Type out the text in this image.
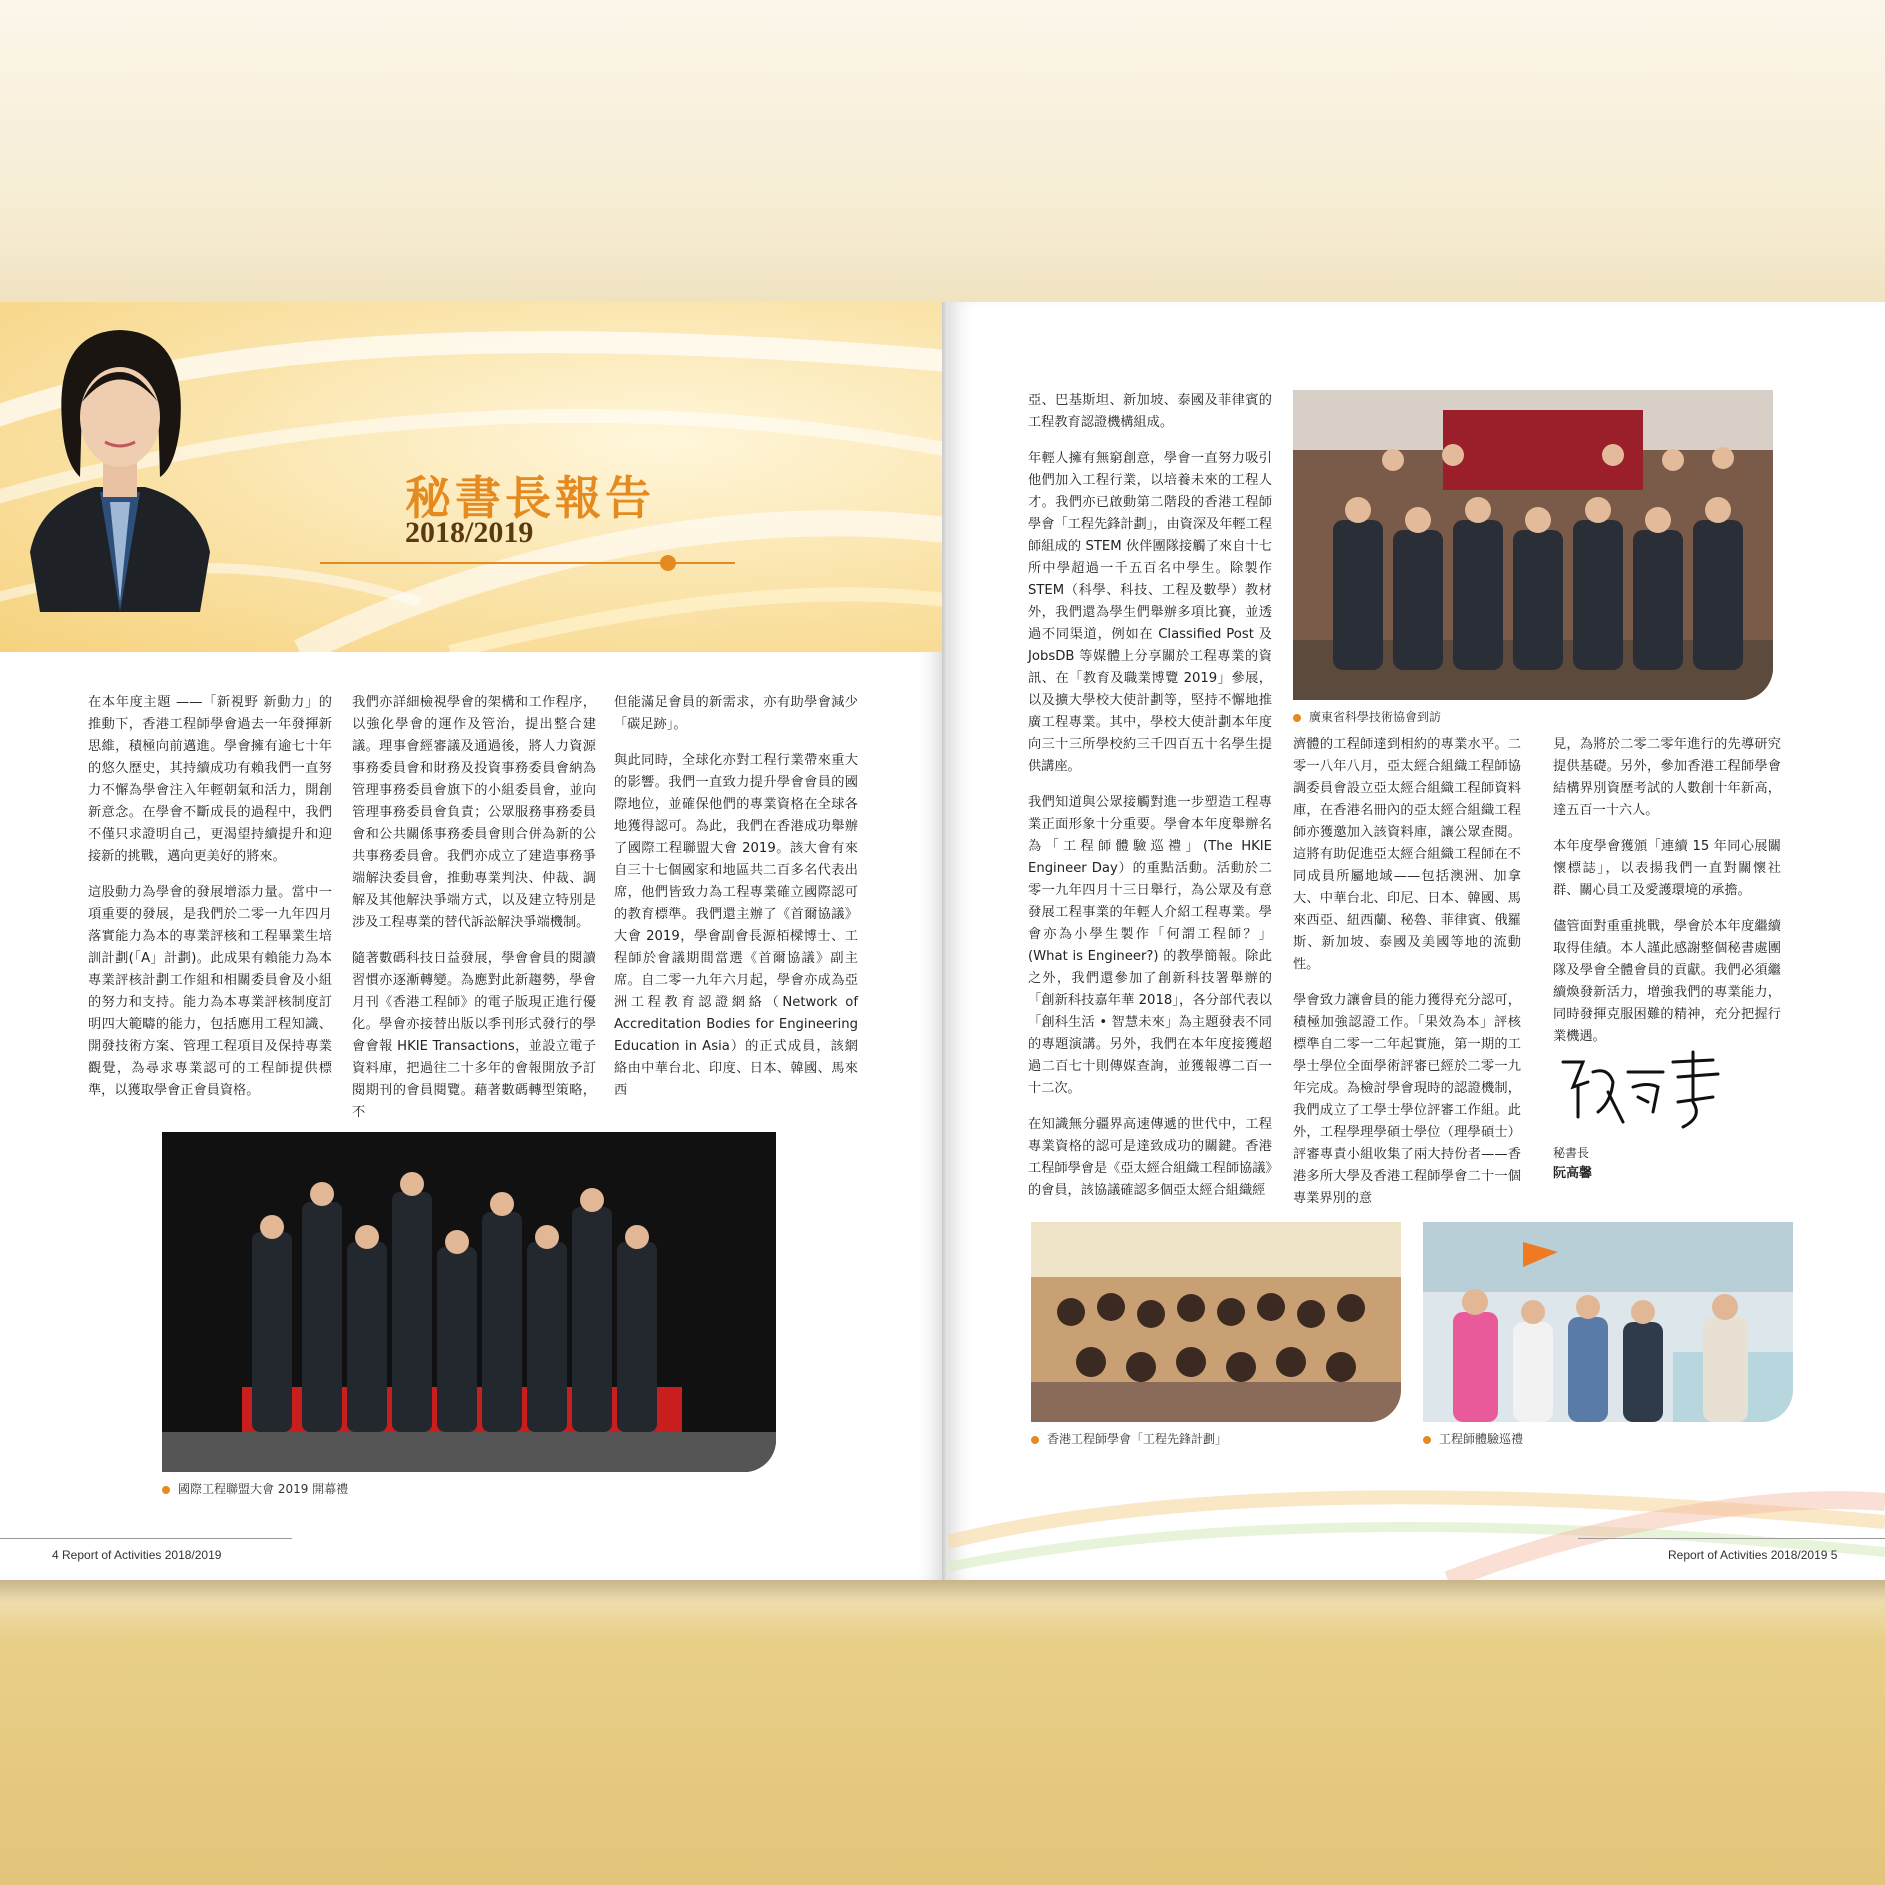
秘書長報告
2018/2019

在本年度主題 ——「新視野 新動力」的推動下，香港工程師學會過去一年發揮新思維，積極向前邁進。學會擁有逾七十年的悠久歷史，其持續成功有賴我們一直努力不懈為學會注入年輕朝氣和活力，開創新意念。在學會不斷成長的過程中，我們不僅只求證明自己，更渴望持續提升和迎接新的挑戰，邁向更美好的將來。

這股動力為學會的發展增添力量。當中一項重要的發展，是我們於二零一九年四月落實能力為本的專業評核和工程畢業生培訓計劃(「A」計劃)。此成果有賴能力為本專業評核計劃工作組和相關委員會及小組的努力和支持。能力為本專業評核制度訂明四大範疇的能力，包括應用工程知識、開發技術方案、管理工程項目及保持專業觀覺，為尋求專業認可的工程師提供標準，以獲取學會正會員資格。

我們亦詳細檢視學會的架構和工作程序，以強化學會的運作及管治，提出整合建議。理事會經審議及通過後，將人力資源事務委員會和財務及投資事務委員會納為管理事務委員會旗下的小組委員會，並向管理事務委員會負責；公眾服務事務委員會和公共關係事務委員會則合併為新的公共事務委員會。我們亦成立了建造事務爭端解決委員會，推動專業判決、仲裁、調解及其他解決爭端方式，以及建立特別是涉及工程專業的替代訴訟解決爭端機制。

隨著數碼科技日益發展，學會會員的閱讀習慣亦逐漸轉變。為應對此新趨勢，學會月刊《香港工程師》的電子版現正進行優化。學會亦接替出版以季刊形式發行的學會會報 HKIE Transactions，並設立電子資料庫，把過往二十多年的會報開放予訂閱期刊的會員閱覽。藉著數碼轉型策略，不

但能滿足會員的新需求，亦有助學會減少「碳足跡」。

與此同時，全球化亦對工程行業帶來重大的影響。我們一直致力提升學會會員的國際地位，並確保他們的專業資格在全球各地獲得認可。為此，我們在香港成功舉辦了國際工程聯盟大會 2019。該大會有來自三十七個國家和地區共二百多名代表出席，他們皆致力為工程專業確立國際認可的教育標準。我們還主辦了《首爾協議》大會 2019，學會副會長源栢樑博士、工程師於會議期間當選《首爾協議》副主席。自二零一九年六月起，學會亦成為亞洲工程教育認證網絡（Network of Accreditation Bodies for Engineering Education in Asia）的正式成員，該網絡由中華台北、印度、日本、韓國、馬來西

國際工程聯盟大會 2019 開幕禮
4 Report of Activities 2018/2019

亞、巴基斯坦、新加坡、泰國及菲律賓的工程教育認證機構組成。

年輕人擁有無窮創意，學會一直努力吸引他們加入工程行業，以培養未來的工程人才。我們亦已啟動第二階段的香港工程師學會「工程先鋒計劃」，由資深及年輕工程師組成的 STEM 伙伴團隊接觸了來自十七所中學超過一千五百名中學生。除製作 STEM（科學、科技、工程及數學）教材外，我們還為學生們舉辦多項比賽，並透過不同渠道，例如在 Classified Post 及 JobsDB 等媒體上分享關於工程專業的資訊、在「教育及職業博覽 2019」參展，以及擴大學校大使計劃等，堅持不懈地推廣工程專業。其中，學校大使計劃本年度向三十三所學校約三千四百五十名學生提供講座。

我們知道與公眾接觸對進一步塑造工程專業正面形象十分重要。學會本年度舉辦名為「工程師體驗巡禮」(The HKIE Engineer Day）的重點活動。活動於二零一九年四月十三日舉行，為公眾及有意發展工程事業的年輕人介紹工程專業。學會亦為小學生製作「何謂工程師？」(What is Engineer?) 的教學簡報。除此之外，我們還參加了創新科技署舉辦的「創新科技嘉年華 2018」，各分部代表以「創科生活 • 智慧未來」為主題發表不同的專題演講。另外，我們在本年度接獲超過二百七十則傳媒查詢，並獲報導二百一十二次。

在知識無分疆界高速傳遞的世代中，工程專業資格的認可是達致成功的關鍵。香港工程師學會是《亞太經合組織工程師協議》的會員，該協議確認多個亞太經合組織經

廣東省科學技術協會到訪

濟體的工程師達到相約的專業水平。二零一八年八月，亞太經合組織工程師協調委員會設立亞太經合組織工程師資料庫，在香港名冊內的亞太經合組織工程師亦獲邀加入該資料庫，讓公眾查閱。這將有助促進亞太經合組織工程師在不同成員所屬地域——包括澳洲、加拿大、中華台北、印尼、日本、韓國、馬來西亞、紐西蘭、秘魯、菲律賓、俄羅斯、新加坡、泰國及美國等地的流動性。

學會致力讓會員的能力獲得充分認可，積極加強認證工作。「果效為本」評核標準自二零一二年起實施，第一期的工學士學位全面學術評審已經於二零一九年完成。為檢討學會現時的認證機制，我們成立了工學士學位評審工作組。此外，工程學理學碩士學位（理學碩士）評審專責小組收集了兩大持份者——香港多所大學及香港工程師學會二十一個專業界別的意

見，為將於二零二零年進行的先導研究提供基礎。另外，參加香港工程師學會結構界別資歷考試的人數創十年新高，達五百一十六人。

本年度學會獲頒「連續 15 年同心展關懷標誌」，以表揚我們一直對關懷社群、關心員工及愛護環境的承擔。

儘管面對重重挑戰，學會於本年度繼續取得佳績。本人謹此感謝整個秘書處團隊及學會全體會員的貢獻。我們必須繼續煥發新活力，增強我們的專業能力，同時發揮克服困難的精神，充分把握行業機遇。

秘書長
阮高馨
香港工程師學會「工程先鋒計劃」	工程師體驗巡禮
Report of Activities 2018/2019 5
